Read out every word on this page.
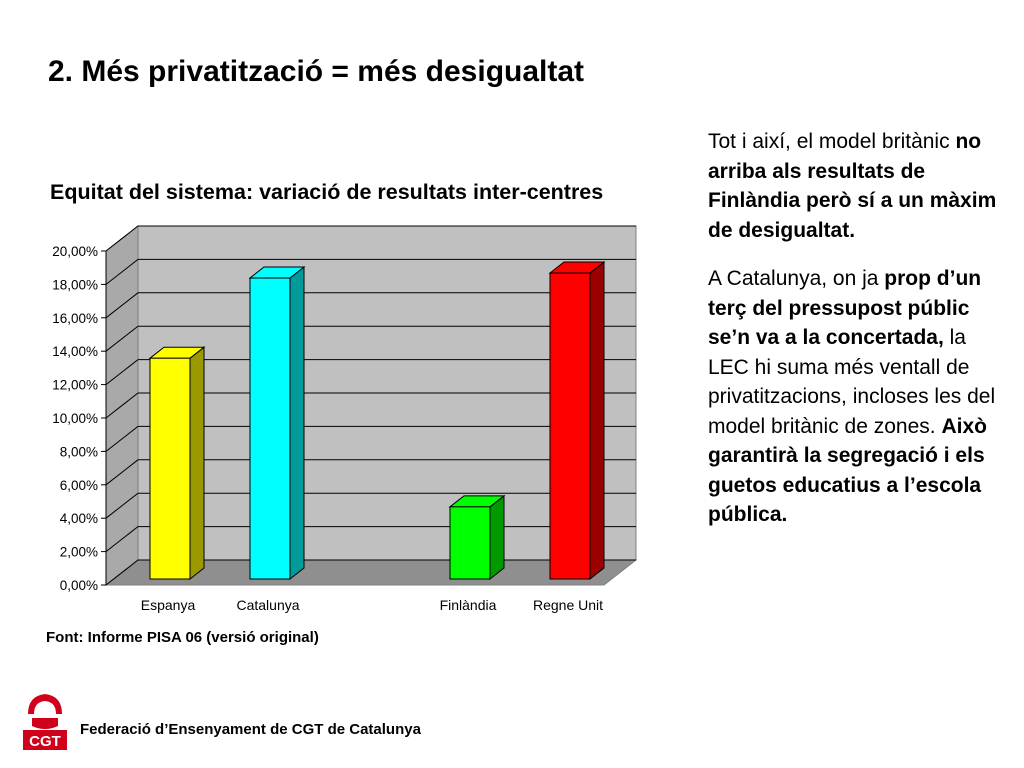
2. Més privatització = més desigualtat
Equitat del sistema: variació de resultats inter-centres
0,00%
2,00%
4,00%
6,00%
8,00%
10,00%
12,00%
14,00%
16,00%
18,00%
20,00%
Espanya	Catalunya	Finlàndia	Regne Unit
Font: Informe PISA 06 (versió original)

Tot i així, el model britànic no arriba als resultats de Finlàndia però sí a un màxim de desigualtat.

A Catalunya, on ja prop d’un terç del pressupost públic se’n va a la concertada, la LEC hi suma més ventall de privatitzacions, incloses les del model britànic de zones. Això garantirà la segregació i els guetos educatius a l’escola pública.

CGT
Federació d’Ensenyament de CGT de Catalunya
